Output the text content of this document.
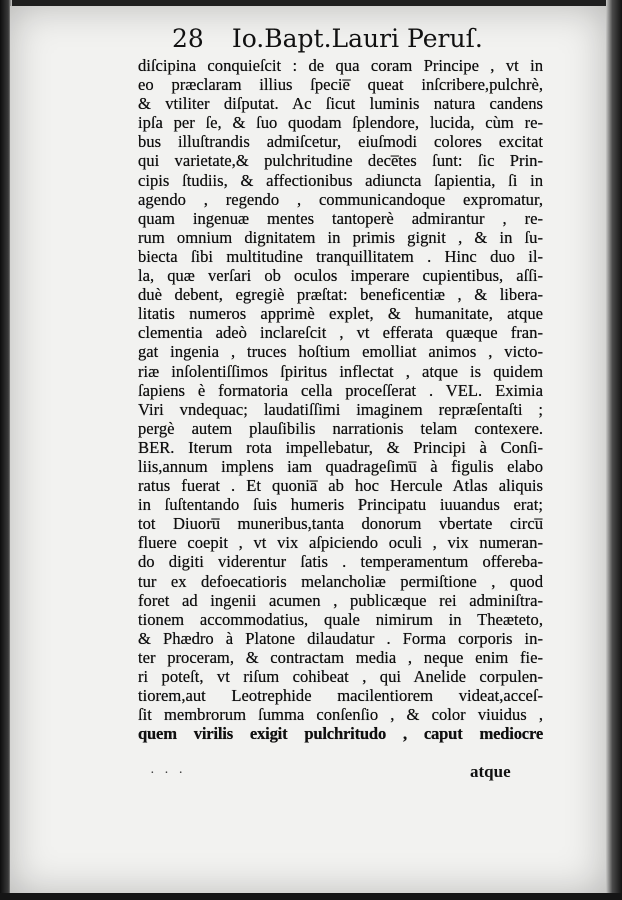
28 Io.Bapt.Lauri Peruſ.
diſcipina conquieſcit : de qua coram Principe , vt in
eo præclaram illius ſpecie̅ queat inſcribere,pulchrè,
& vtiliter diſputat. Ac ſicut luminis natura candens
ipſa per ſe, & ſuo quodam ſplendore, lucida, cùm re-
bus illuſtrandis admiſcetur, eiuſmodi colores excitat
qui varietate,& pulchritudine dece̅tes ſunt: ſic Prin-
cipis ſtudiis, & affectionibus adiuncta ſapientia, ſi in
agendo , regendo , communicandoque expromatur,
quam ingenuæ mentes tantoperè admirantur , re-
rum omnium dignitatem in primis gignit , & in ſu-
biecta ſibi multitudine tranquillitatem . Hinc duo il-
la, quæ verſari ob oculos imperare cupientibus, aſſi-
duè debent, egregiè præſtat: beneficentiæ , & libera-
litatis numeros apprimè explet, & humanitate, atque
clementia adeò inclareſcit , vt efferata quæque fran-
gat ingenia , truces hoſtium emolliat animos , victo-
riæ inſolentiſſimos ſpiritus inflectat , atque is quidem
ſapiens è formatoria cella proceſſerat . VEL. Eximia
Viri vndequac; laudatiſſimi imaginem repræſentaſti ;
pergè autem plauſibilis narrationis telam contexere.
BER. Iterum rota impellebatur, & Principi à Conſi-
liis,annum implens iam quadrageſimu̅ à figulis elabo
ratus fuerat . Et quonia̅ ab hoc Hercule Atlas aliquis
in ſuſtentando ſuis humeris Principatu iuuandus erat;
tot Diuoru̅ muneribus,tanta donorum vbertate circu̅
fluere coepit , vt vix aſpiciendo oculi , vix numeran-
do digiti viderentur ſatis . temperamentum offereba-
tur ex defoecatioris melancholiæ permiſtione , quod
foret ad ingenii acumen , publicæque rei adminiſtra-
tionem accommodatius, quale nimirum in Theæteto,
& Phædro à Platone dilaudatur . Forma corporis in-
ter proceram, & contractam media , neque enim fie-
ri poteſt, vt riſum cohibeat , qui Anelide corpulen-
tiorem,aut Leotrephide macilentiorem videat,acceſ-
ſit membrorum ſumma conſenſio , & color viuidus ,
quem virilis exigit pulchritudo , caput mediocre
· · ·	atque
